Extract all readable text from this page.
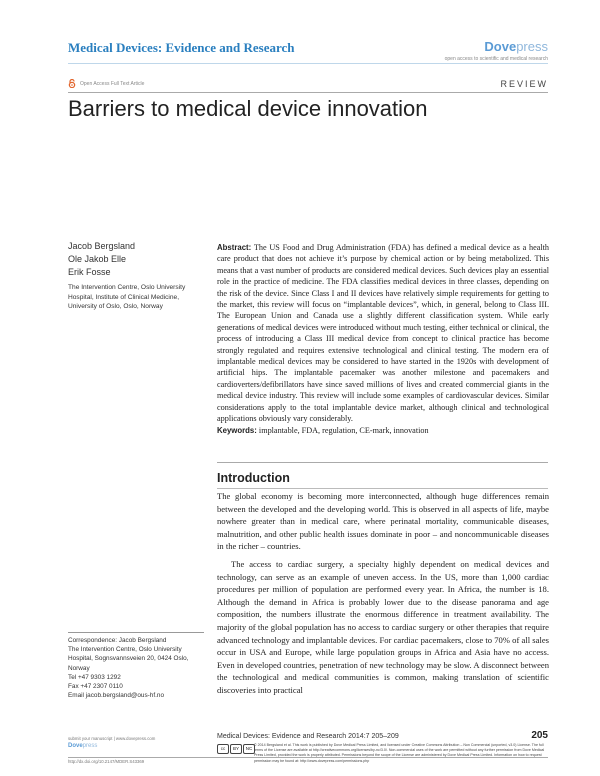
Medical Devices: Evidence and Research	Dovepress
open access to scientific and medical research
Open Access Full Text Article	REVIEW
Barriers to medical device innovation
Jacob Bergsland
Ole Jakob Elle
Erik Fosse
The Intervention Centre, Oslo University Hospital, Institute of Clinical Medicine, University of Oslo, Oslo, Norway
Abstract: The US Food and Drug Administration (FDA) has defined a medical device as a health care product that does not achieve it’s purpose by chemical action or by being metabolized. This means that a vast number of products are considered medical devices. Such devices play an essential role in the practice of medicine. The FDA classifies medical devices in three classes, depending on the risk of the device. Since Class I and II devices have relatively simple requirements for getting to the market, this review will focus on “implantable devices”, which, in general, belong to Class III. The European Union and Canada use a slightly different classification system. While early generations of medical devices were introduced without much testing, either technical or clinical, the process of introducing a Class III medical device from concept to clinical practice has become strongly regulated and requires extensive technological and clinical testing. The modern era of implantable medical devices may be considered to have started in the 1920s with development of artificial hips. The implantable pacemaker was another milestone and pacemakers and cardioverters/defibrillators have since saved millions of lives and created commercial giants in the medical device industry. This review will include some examples of cardiovascular devices. Similar considerations apply to the total implantable device market, although clinical and technological applications obviously vary considerably.
Keywords: implantable, FDA, regulation, CE-mark, innovation
Introduction

The global economy is becoming more interconnected, although huge differences remain between the developed and the developing world. This is observed in all aspects of life, maybe nowhere greater than in medical care, where perinatal mortality, communicable diseases, malnutrition, and other public health issues dominate in poor – and noncommunicable diseases in the richer – countries.

The access to cardiac surgery, a specialty highly dependent on medical devices and technology, can serve as an example of uneven access. In the US, more than 1,000 cardiac procedures per million of population are performed every year. In Africa, the number is 18. Although the demand in Africa is probably lower due to the disease panorama and age composition, the numbers illustrate the enormous difference in treatment availability. The majority of the global population has no access to cardiac surgery or other therapies that require advanced technology and implantable devices. For cardiac pacemakers, close to 70% of all sales occur in USA and Europe, while large population groups in Africa and Asia have no access. Even in developed countries, penetration of new technology may be slow. A disconnect between the technological and medical communities is common, making translation of scientific discoveries into practical

Correspondence: Jacob Bergsland
The Intervention Centre, Oslo University Hospital, Sognsvannsveien 20, 0424 Oslo, Norway
Tel +47 9303 1292
Fax +47 2307 0110
Email jacob.bergsland@ous-hf.no
submit your manuscript | www.dovepress.com
Dovepress
http://dx.doi.org/10.2147/MDER.S43369
Medical Devices: Evidence and Research 2014:7 205–209	205
cc	BY	NC
© 2014 Bergsland et al. This work is published by Dove Medical Press Limited, and licensed under Creative Commons Attribution – Non Commercial (unported, v3.0) License. The full terms of the License are available at http://creativecommons.org/licenses/by-nc/3.0/. Non-commercial uses of the work are permitted without any further permission from Dove Medical Press Limited, provided the work is properly attributed. Permissions beyond the scope of the License are administered by Dove Medical Press Limited. Information on how to request permission may be found at: http://www.dovepress.com/permissions.php
